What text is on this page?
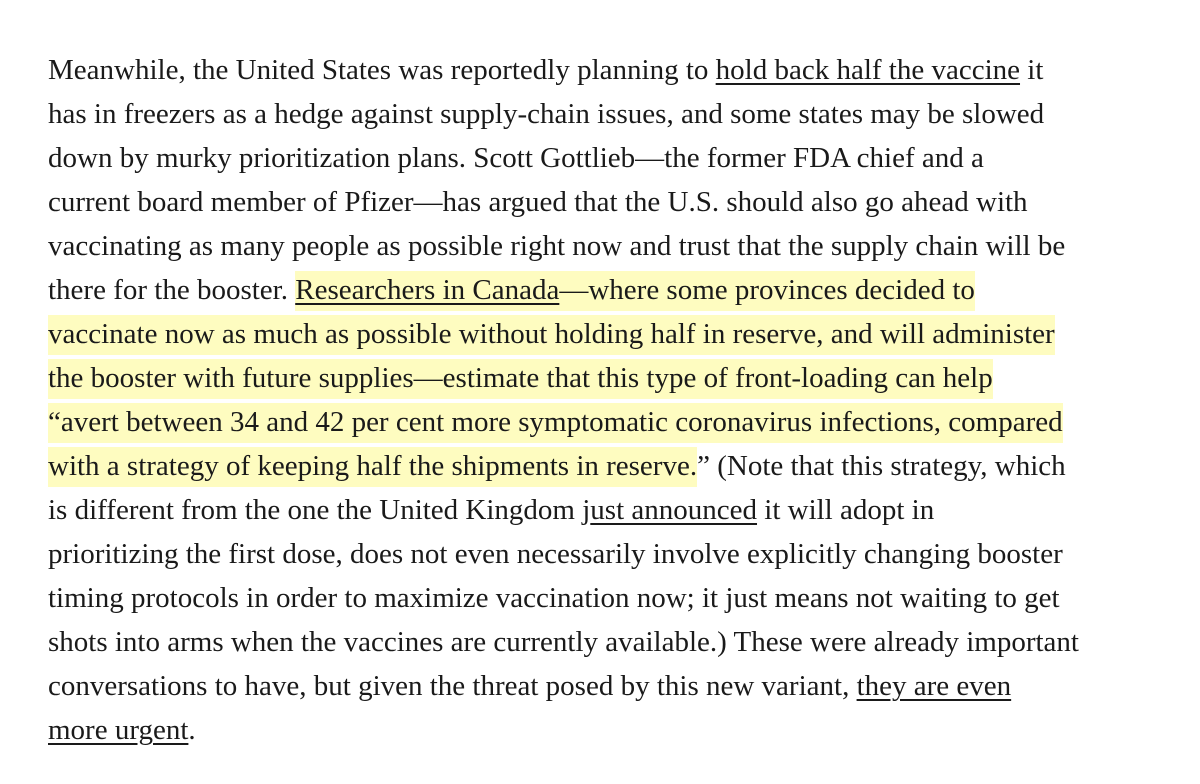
Meanwhile, the United States was reportedly planning to hold back half the vaccine it
has in freezers as a hedge against supply-chain issues, and some states may be slowed
down by murky prioritization plans. Scott Gottlieb—the former FDA chief and a
current board member of Pfizer—has argued that the U.S. should also go ahead with
vaccinating as many people as possible right now and trust that the supply chain will be
there for the booster. Researchers in Canada—where some provinces decided to
vaccinate now as much as possible without holding half in reserve, and will administer
the booster with future supplies—estimate that this type of front-loading can help
“avert between 34 and 42 per cent more symptomatic coronavirus infections, compared
with a strategy of keeping half the shipments in reserve.” (Note that this strategy, which
is different from the one the United Kingdom just announced it will adopt in
prioritizing the first dose, does not even necessarily involve explicitly changing booster
timing protocols in order to maximize vaccination now; it just means not waiting to get
shots into arms when the vaccines are currently available.) These were already important
conversations to have, but given the threat posed by this new variant, they are even
more urgent.
